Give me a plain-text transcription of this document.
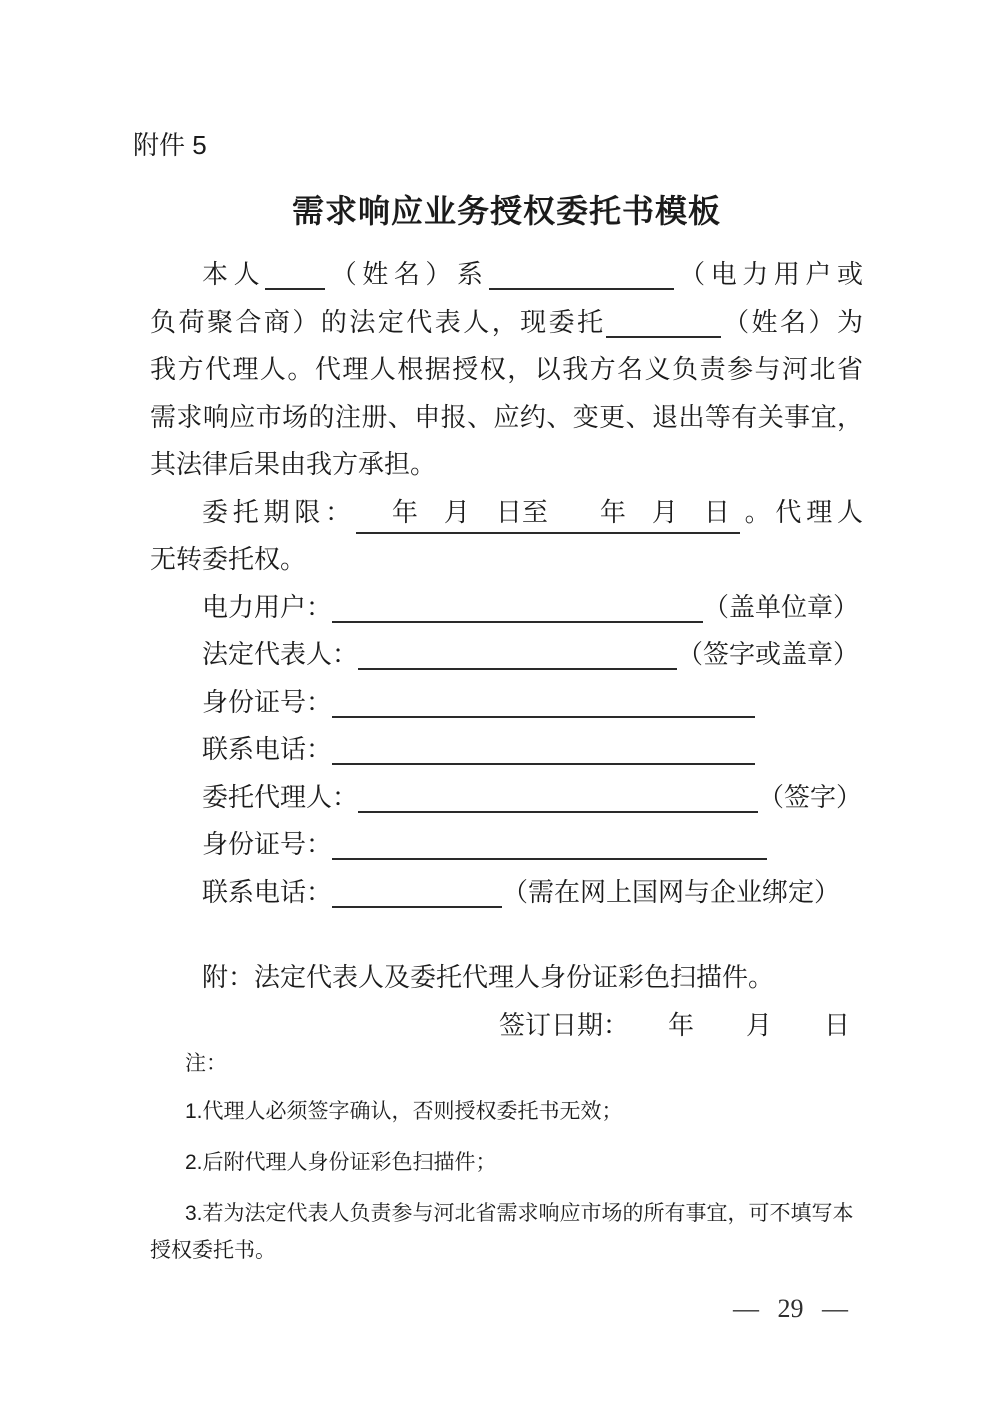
附件 5
需求响应业务授权委托书模板
本人 （姓名）系	（电力用户或
负荷聚合商）的法定代表人，现委托	（姓名）为
我方代理人。代理人根据授权，以我方名义负责参与河北省
需求响应市场的注册、申报、应约、变更、退出等有关事宜，
其法律后果由我方承担。
委托期限：　年　月　日至　　年　月　日 。代理人
无转委托权。
电力用户：	（盖单位章）
法定代表人：	（签字或盖章）
身份证号：
联系电话：
委托代理人：	（签字）
身份证号：
联系电话：	（需在网上国网与企业绑定）

附：法定代表人及委托代理人身份证彩色扫描件。

签订日期：　　年　　月　　日

注：

1.代理人必须签字确认，否则授权委托书无效；

2.后附代理人身份证彩色扫描件；

3.若为法定代表人负责参与河北省需求响应市场的所有事宜，可不填写本授权委托书。

— 29 —
